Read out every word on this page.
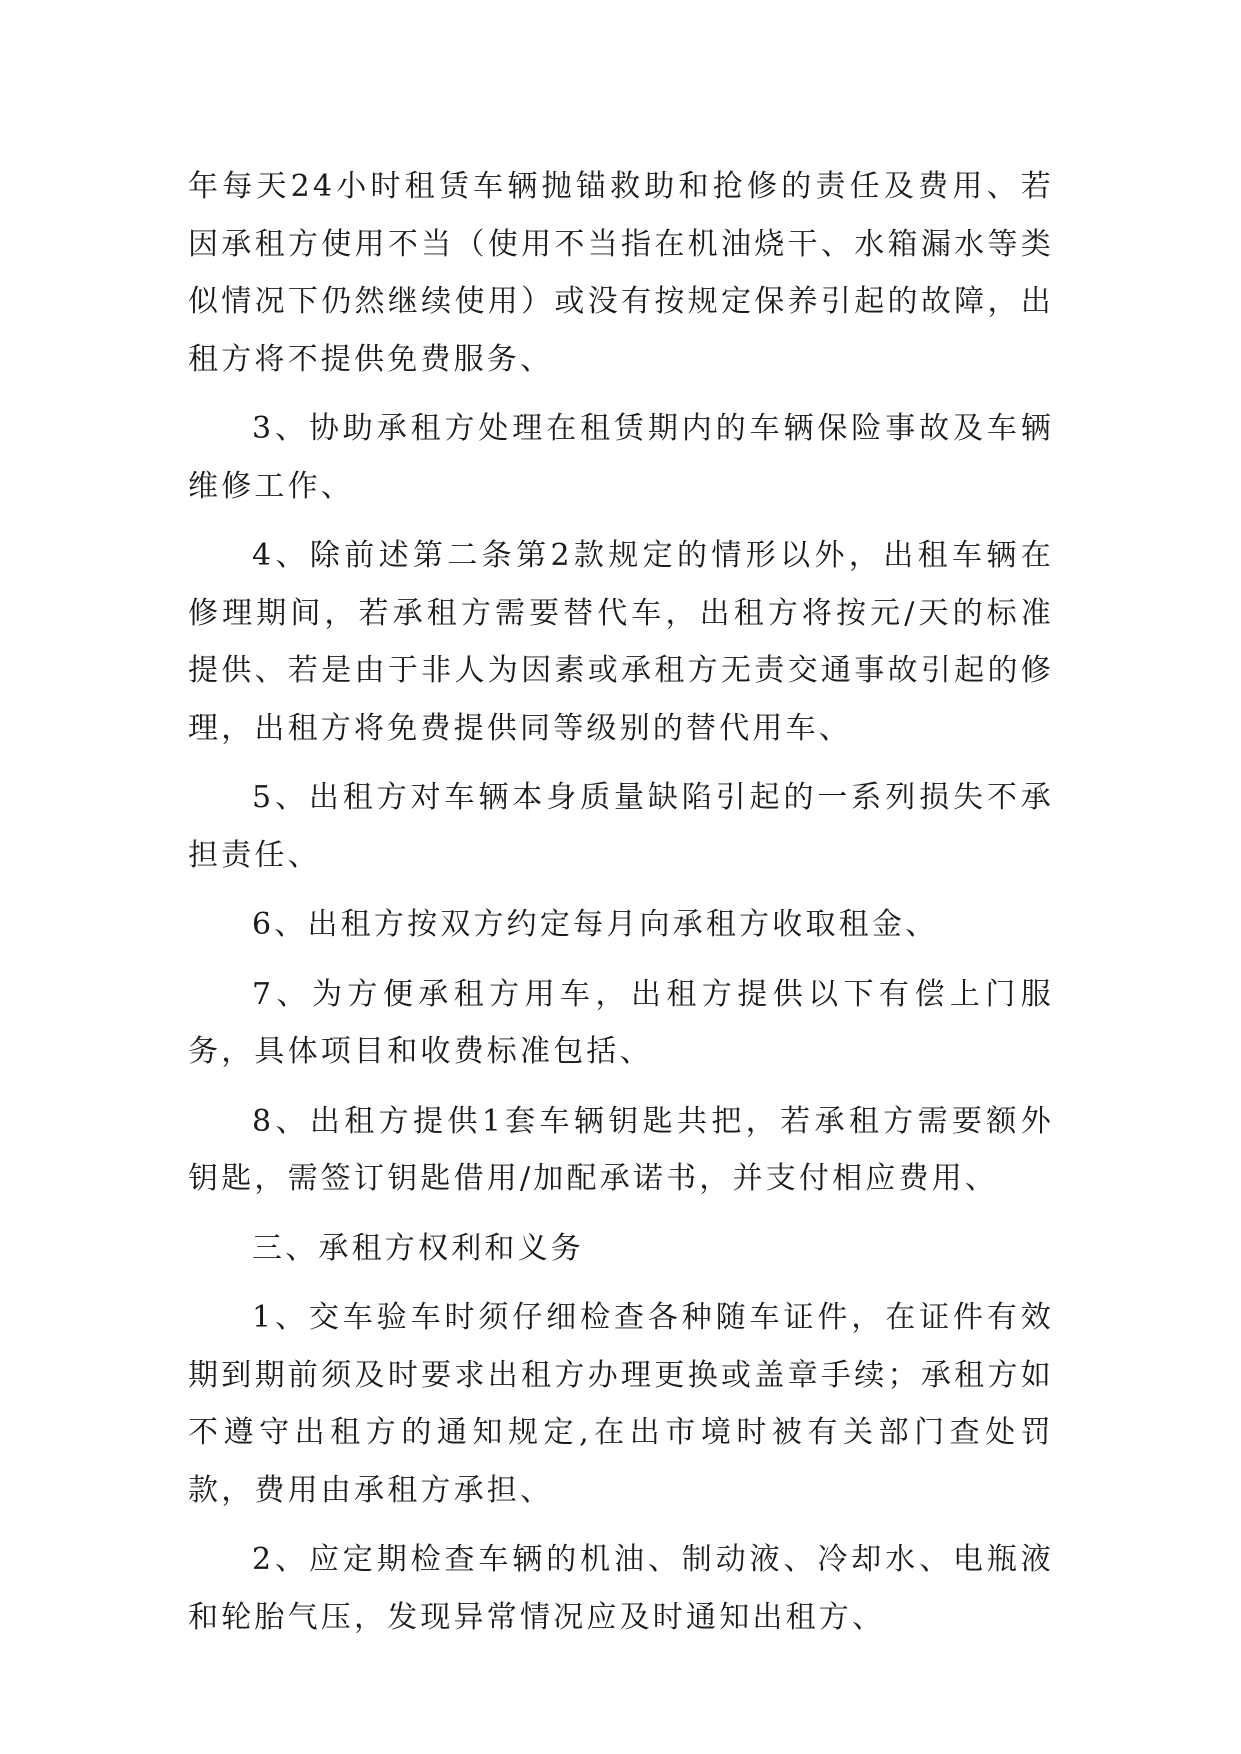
年每天24小时租赁车辆抛锚救助和抢修的责任及费用、若因承租方使用不当（使用不当指在机油烧干、水箱漏水等类似情况下仍然继续使用）或没有按规定保养引起的故障，出租方将不提供免费服务、

3、协助承租方处理在租赁期内的车辆保险事故及车辆维修工作、

4、除前述第二条第2款规定的情形以外，出租车辆在修理期间，若承租方需要替代车，出租方将按元/天的标准提供、若是由于非人为因素或承租方无责交通事故引起的修理，出租方将免费提供同等级别的替代用车、

5、出租方对车辆本身质量缺陷引起的一系列损失不承担责任、

6、出租方按双方约定每月向承租方收取租金、

7、为方便承租方用车，出租方提供以下有偿上门服务，具体项目和收费标准包括、

8、出租方提供1套车辆钥匙共把，若承租方需要额外钥匙，需签订钥匙借用/加配承诺书，并支付相应费用、

三、承租方权利和义务

1、交车验车时须仔细检查各种随车证件，在证件有效期到期前须及时要求出租方办理更换或盖章手续；承租方如不遵守出租方的通知规定,在出市境时被有关部门查处罚款，费用由承租方承担、

2、应定期检查车辆的机油、制动液、冷却水、电瓶液和轮胎气压，发现异常情况应及时通知出租方、
